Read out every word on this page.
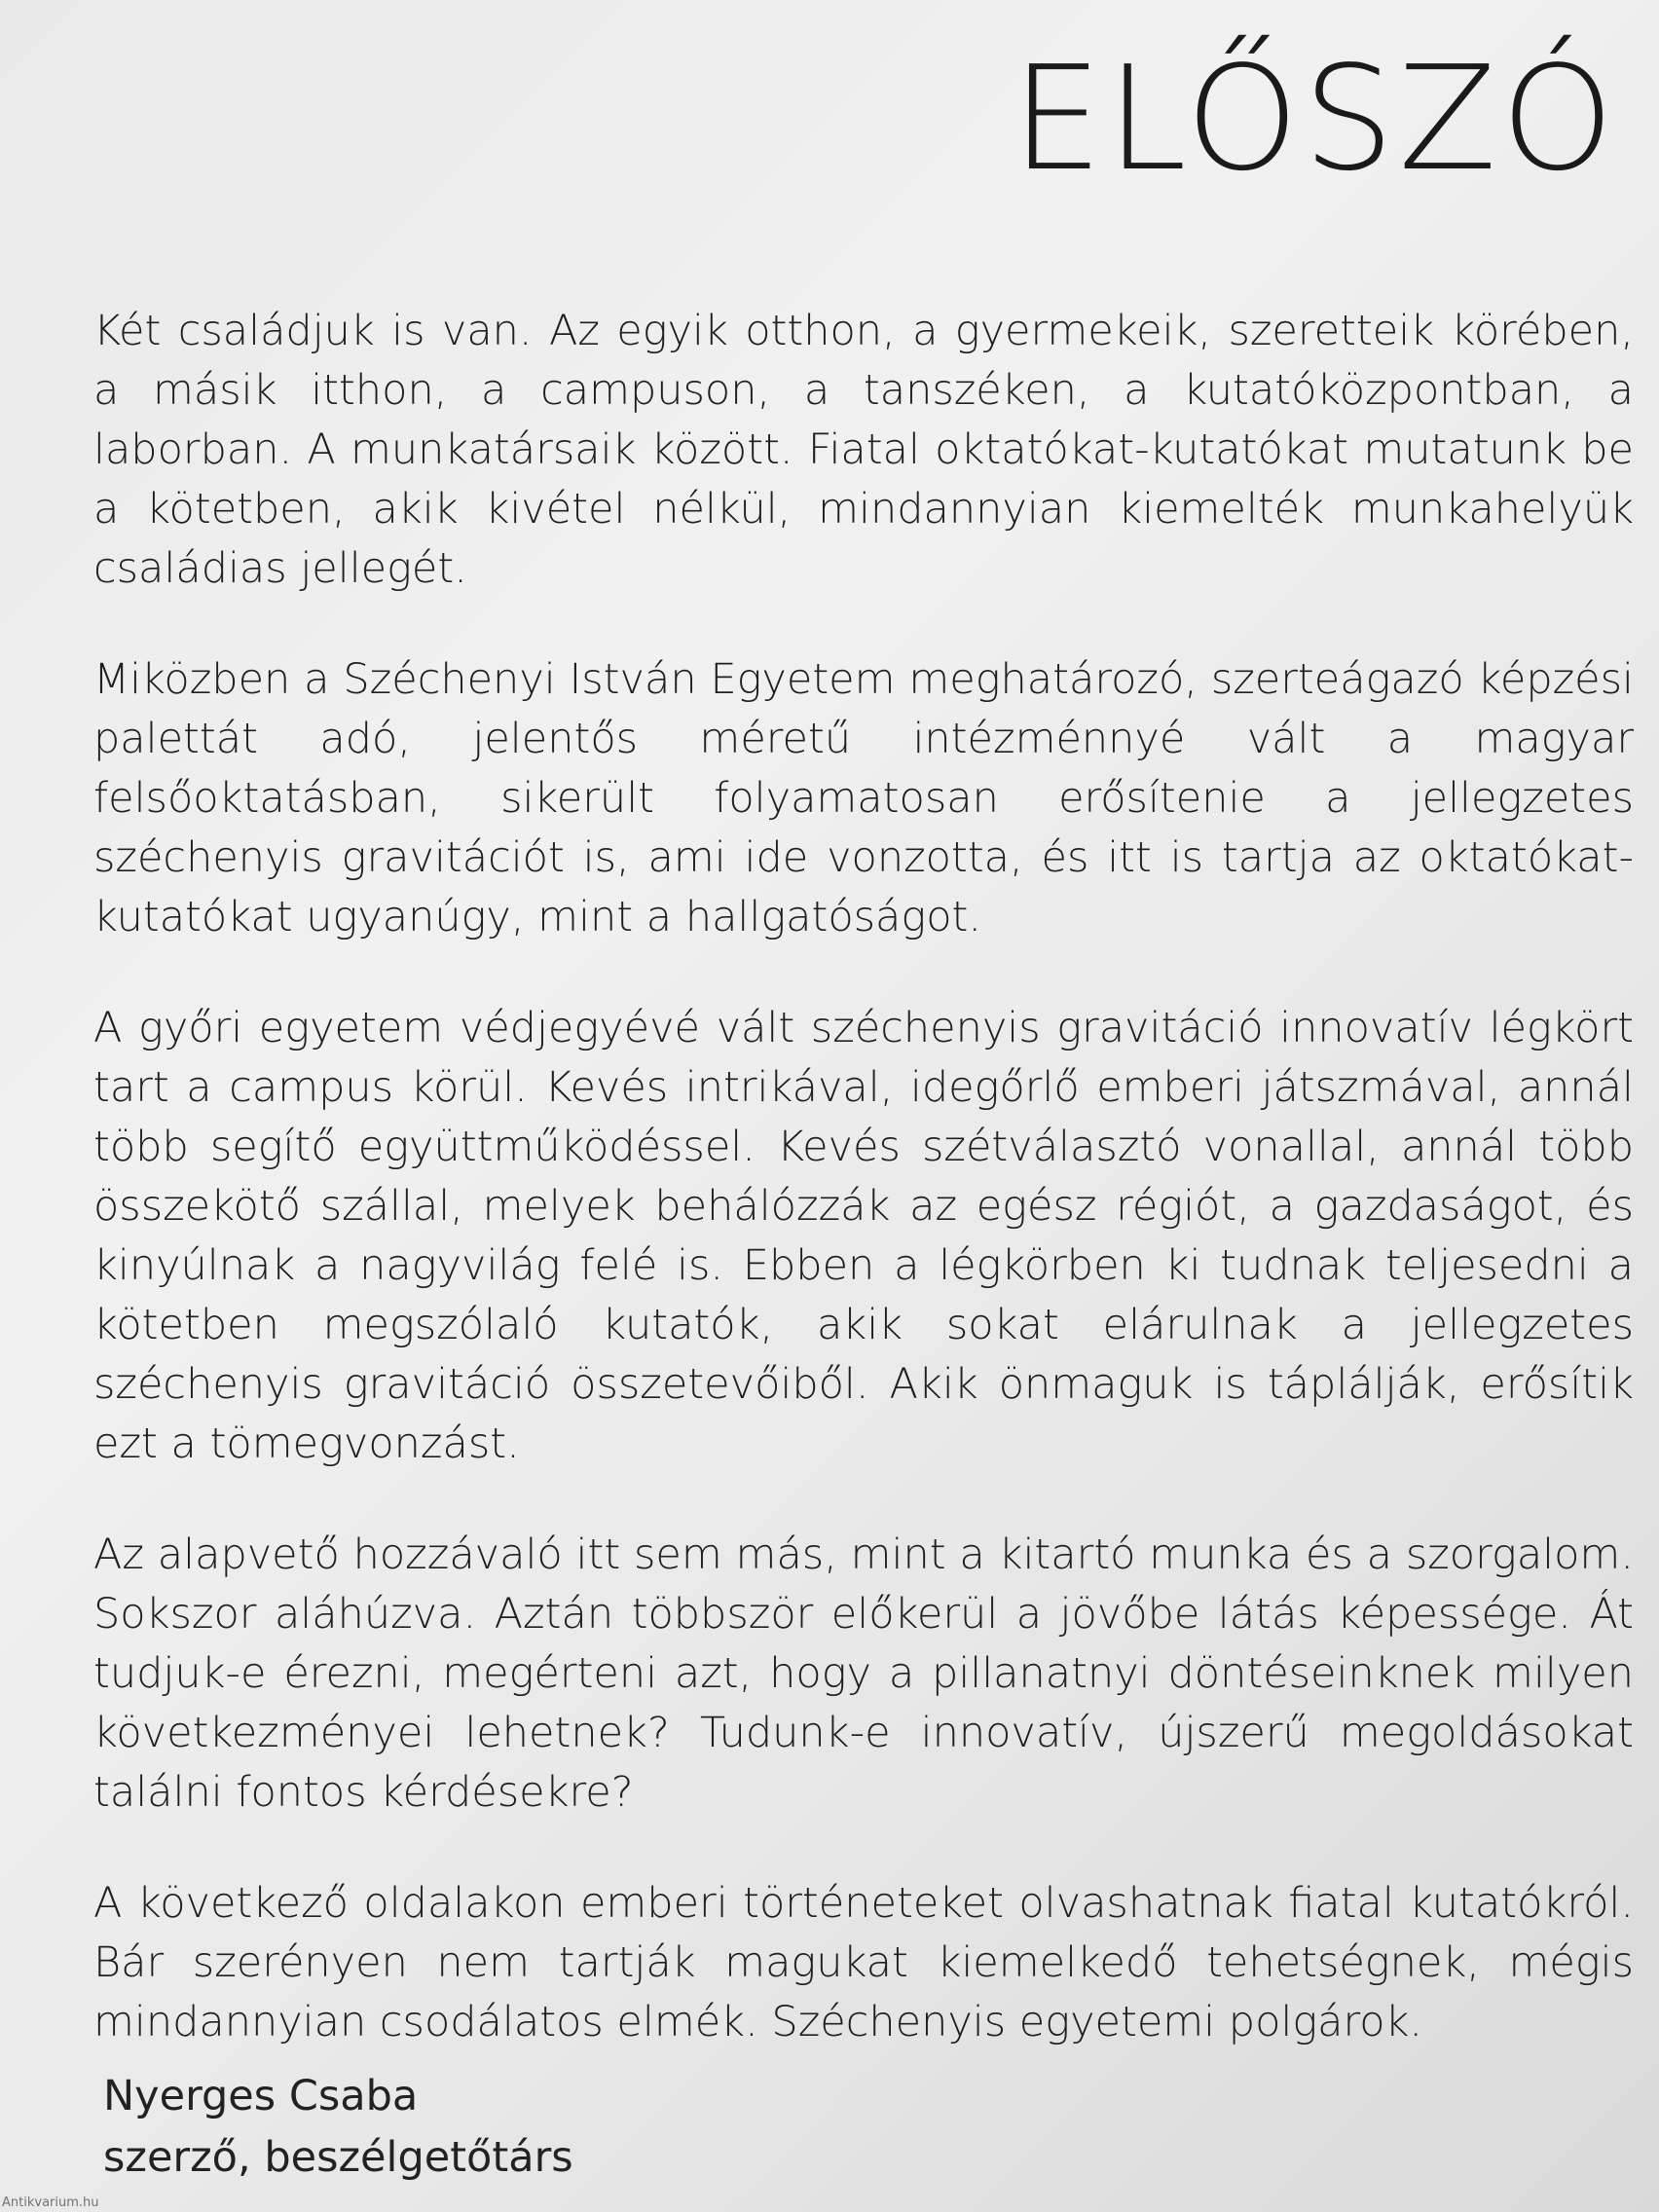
ELŐSZÓ

Két családjuk is van. Az egyik otthon, a gyermekeik, szeretteik körében, a másik itthon, a campuson, a tanszéken, a kutatóközpontban, a laborban. A munkatársaik között. Fiatal oktatókat-kutatókat mutatunk be a kötetben, akik kivétel nélkül, mindannyian kiemelték munkahelyük családias jellegét.

Miközben a Széchenyi István Egyetem meghatározó, szerteágazó képzési palettát adó, jelentős méretű intézménnyé vált a magyar felsőoktatásban, sikerült folyamatosan erősítenie a jellegzetes széchenyis gravitációt is, ami ide vonzotta, és itt is tartja az oktatókat-kutatókat ugyanúgy, mint a hallgatóságot.

A győri egyetem védjegyévé vált széchenyis gravitáció innovatív légkört tart a campus körül. Kevés intrikával, idegőrlő emberi játszmával, annál több segítő együttműködéssel. Kevés szétválasztó vonallal, annál több összekötő szállal, melyek behálózzák az egész régiót, a gazdaságot, és kinyúlnak a nagyvilág felé is. Ebben a légkörben ki tudnak teljesedni a kötetben megszólaló kutatók, akik sokat elárulnak a jellegzetes széchenyis gravitáció összetevőiből. Akik önmaguk is táplálják, erősítik ezt a tömegvonzást.

Az alapvető hozzávaló itt sem más, mint a kitartó munka és a szorgalom. Sokszor aláhúzva. Aztán többször előkerül a jövőbe látás képessége. Át tudjuk-e érezni, megérteni azt, hogy a pillanatnyi döntéseinknek milyen következményei lehetnek? Tudunk-e innovatív, újszerű megoldásokat találni fontos kérdésekre?

A következő oldalakon emberi történeteket olvashatnak fiatal kutatókról. Bár szerényen nem tartják magukat kiemelkedő tehetségnek, mégis mindannyian csodálatos elmék. Széchenyis egyetemi polgárok.

Nyerges Csaba
szerző, beszélgetőtárs
Antikvarium.hu
